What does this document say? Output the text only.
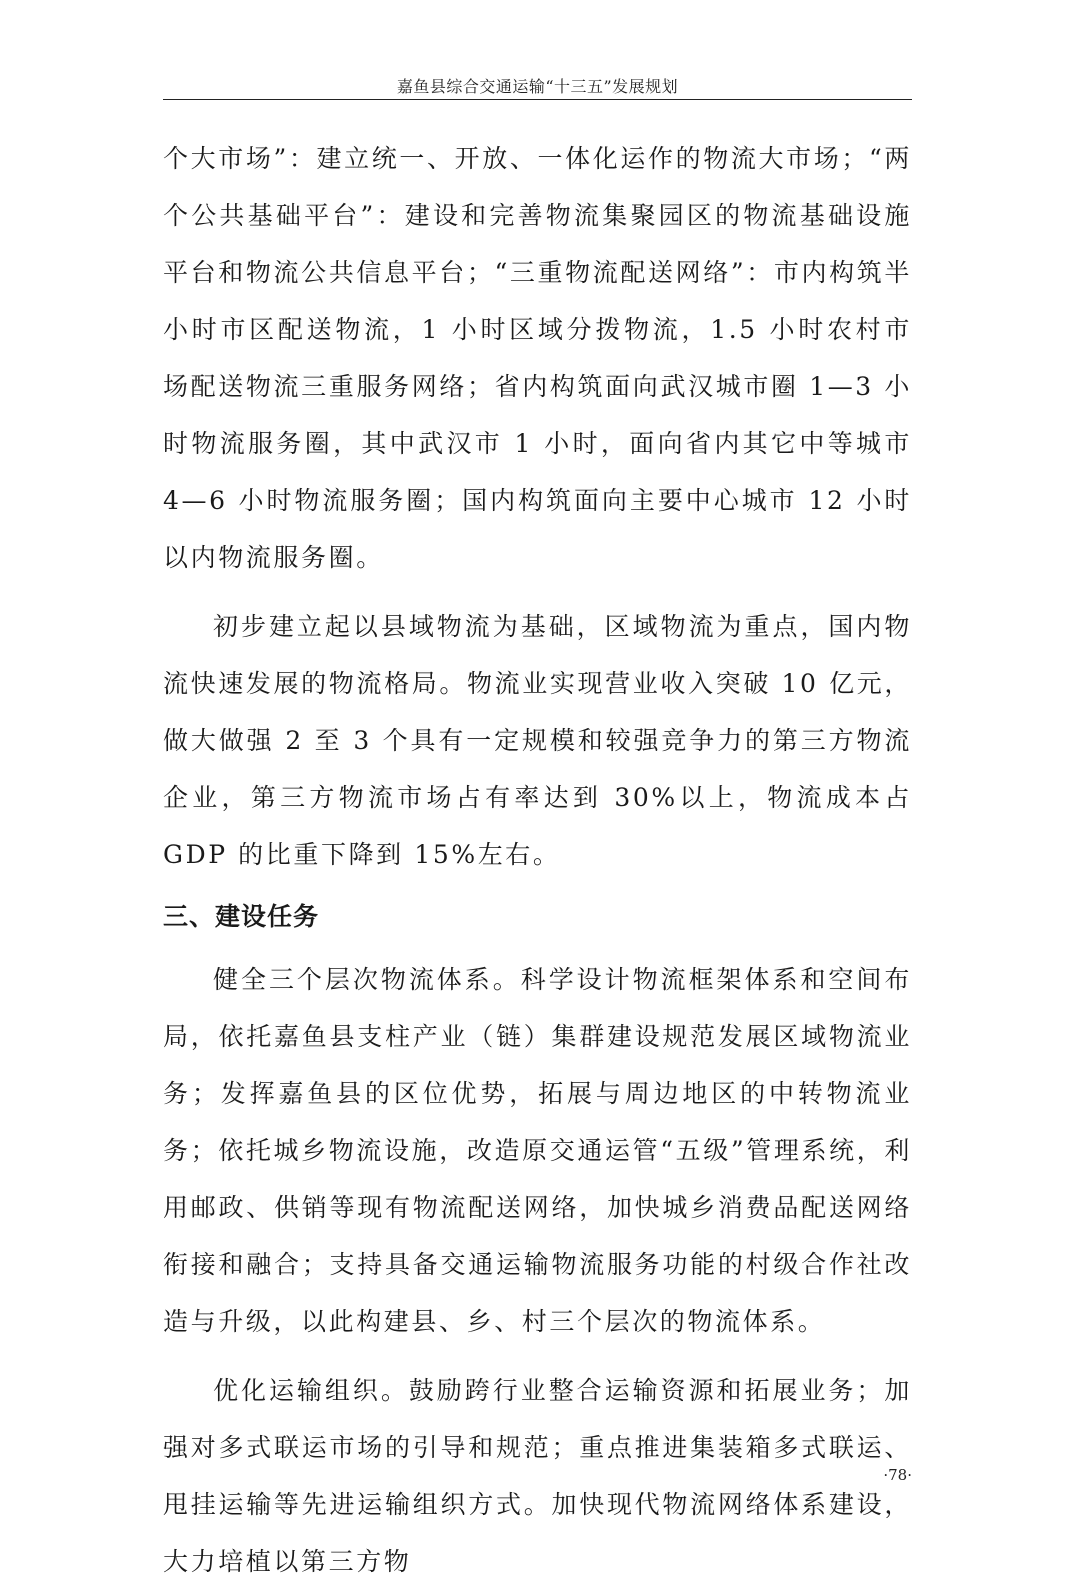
嘉鱼县综合交通运输“十三五”发展规划

个大市场”：建立统一、开放、一体化运作的物流大市场；“两个公共基础平台”：建设和完善物流集聚园区的物流基础设施平台和物流公共信息平台；“三重物流配送网络”：市内构筑半小时市区配送物流，1 小时区域分拨物流，1.5 小时农村市场配送物流三重服务网络；省内构筑面向武汉城市圈 1—3 小时物流服务圈，其中武汉市 1 小时，面向省内其它中等城市 4—6 小时物流服务圈；国内构筑面向主要中心城市 12 小时以内物流服务圈。

初步建立起以县域物流为基础，区域物流为重点，国内物流快速发展的物流格局。物流业实现营业收入突破 10 亿元，做大做强 2 至 3 个具有一定规模和较强竞争力的第三方物流企业，第三方物流市场占有率达到 30%以上，物流成本占 GDP 的比重下降到 15%左右。

三、建设任务

健全三个层次物流体系。科学设计物流框架体系和空间布局，依托嘉鱼县支柱产业（链）集群建设规范发展区域物流业务；发挥嘉鱼县的区位优势，拓展与周边地区的中转物流业务；依托城乡物流设施，改造原交通运管“五级”管理系统，利用邮政、供销等现有物流配送网络，加快城乡消费品配送网络衔接和融合；支持具备交通运输物流服务功能的村级合作社改造与升级，以此构建县、乡、村三个层次的物流体系。

优化运输组织。鼓励跨行业整合运输资源和拓展业务；加强对多式联运市场的引导和规范；重点推进集装箱多式联运、甩挂运输等先进运输组织方式。加快现代物流网络体系建设，大力培植以第三方物

·78·
